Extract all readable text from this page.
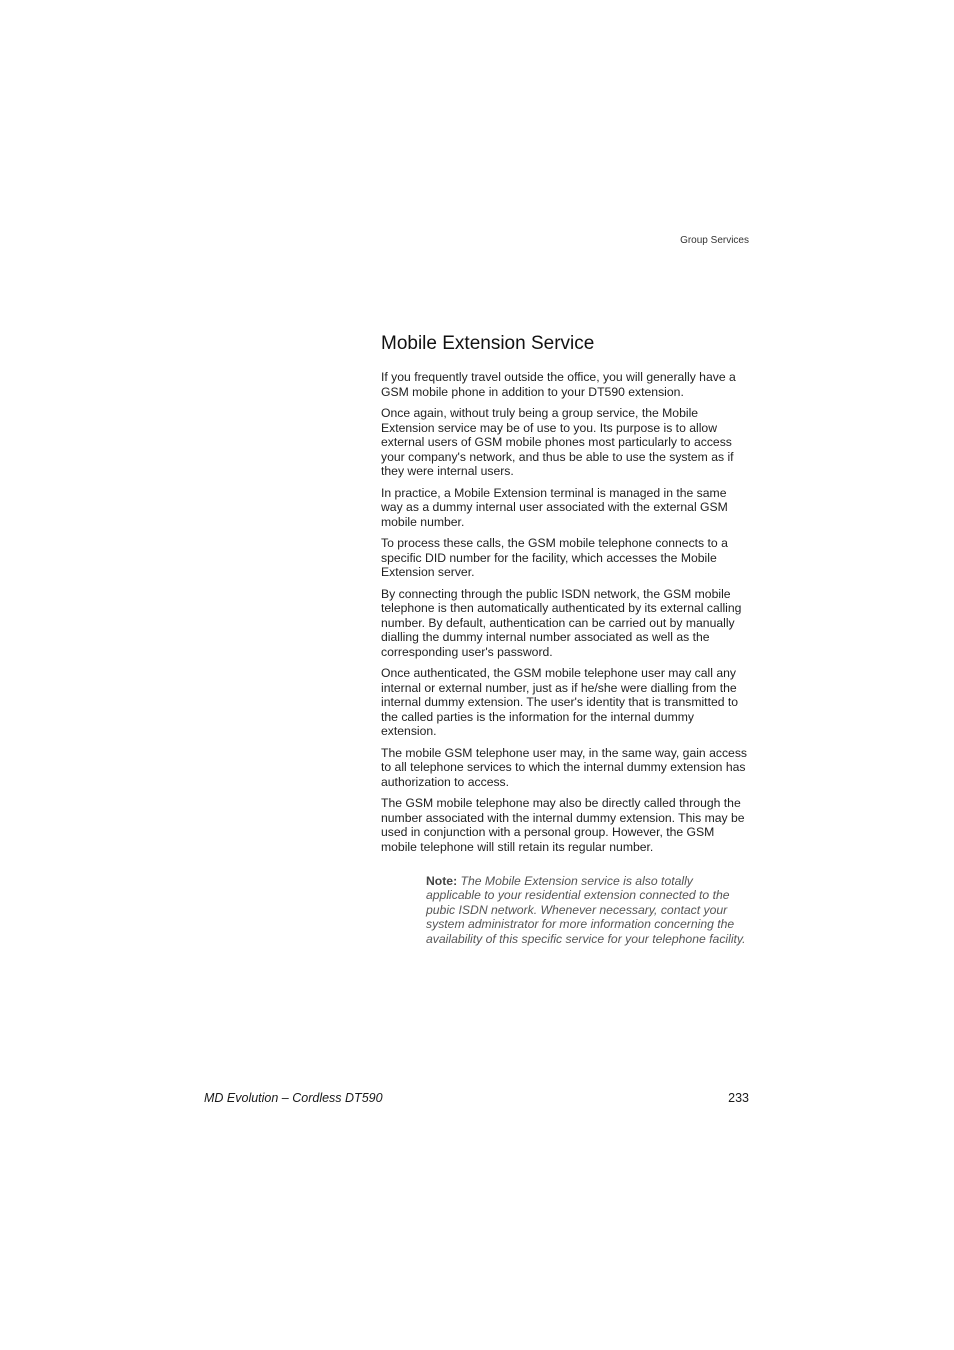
Group Services
Mobile Extension Service

If you frequently travel outside the office, you will generally have a GSM mobile phone in addition to your DT590 extension.

Once again, without truly being a group service, the Mobile Extension service may be of use to you. Its purpose is to allow external users of GSM mobile phones most particularly to access your company's network, and thus be able to use the system as if they were internal users.

In practice, a Mobile Extension terminal is managed in the same way as a dummy internal user associated with the external GSM mobile number.

To process these calls, the GSM mobile telephone connects to a specific DID number for the facility, which accesses the Mobile Extension server.

By connecting through the public ISDN network, the GSM mobile telephone is then automatically authenticated by its external calling number. By default, authentication can be carried out by manually dialling the dummy internal number associated as well as the corresponding user's password.

Once authenticated, the GSM mobile telephone user may call any internal or external number, just as if he/she were dialling from the internal dummy extension. The user's identity that is transmitted to the called parties is the information for the internal dummy extension.

The mobile GSM telephone user may, in the same way, gain access to all telephone services to which the internal dummy extension has authorization to access.

The GSM mobile telephone may also be directly called through the number associated with the internal dummy extension. This may be used in conjunction with a personal group. However, the GSM mobile telephone will still retain its regular number.

Note: The Mobile Extension service is also totally applicable to your residential extension connected to the pubic ISDN network. Whenever necessary, contact your system administrator for more information concerning the availability of this specific service for your telephone facility.

MD Evolution – Cordless DT590	233
